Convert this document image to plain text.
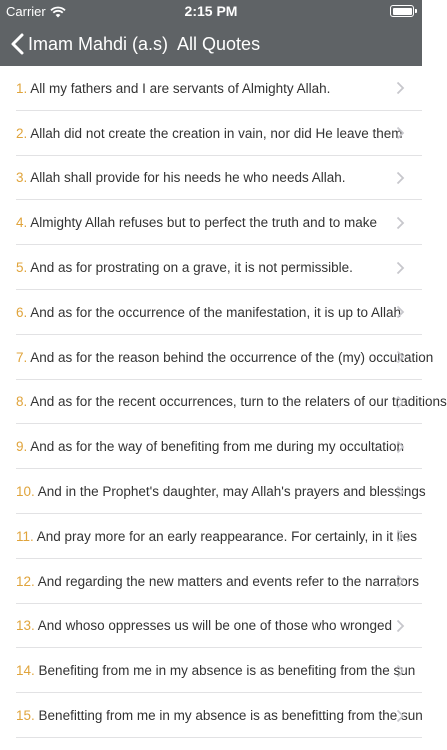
Carrier	2:15 PM
Imam Mahdi (a.s) All Quotes
1. All my fathers and I are servants of Almighty Allah.
2. Allah did not create the creation in vain, nor did He leave them
3. Allah shall provide for his needs he who needs Allah.
4. Almighty Allah refuses but to perfect the truth and to make
5. And as for prostrating on a grave, it is not permissible.
6. And as for the occurrence of the manifestation, it is up to Allah
7. And as for the reason behind the occurrence of the (my) occultation
8. And as for the recent occurrences, turn to the relaters of our traditions
9. And as for the way of benefiting from me during my occultation
10. And in the Prophet's daughter, may Allah's prayers and blessings
11. And pray more for an early reappearance. For certainly, in it lies
12. And regarding the new matters and events refer to the narrators
13. And whoso oppresses us will be one of those who wronged
14. Benefiting from me in my absence is as benefiting from the sun
15. Benefitting from me in my absence is as benefitting from the sun
